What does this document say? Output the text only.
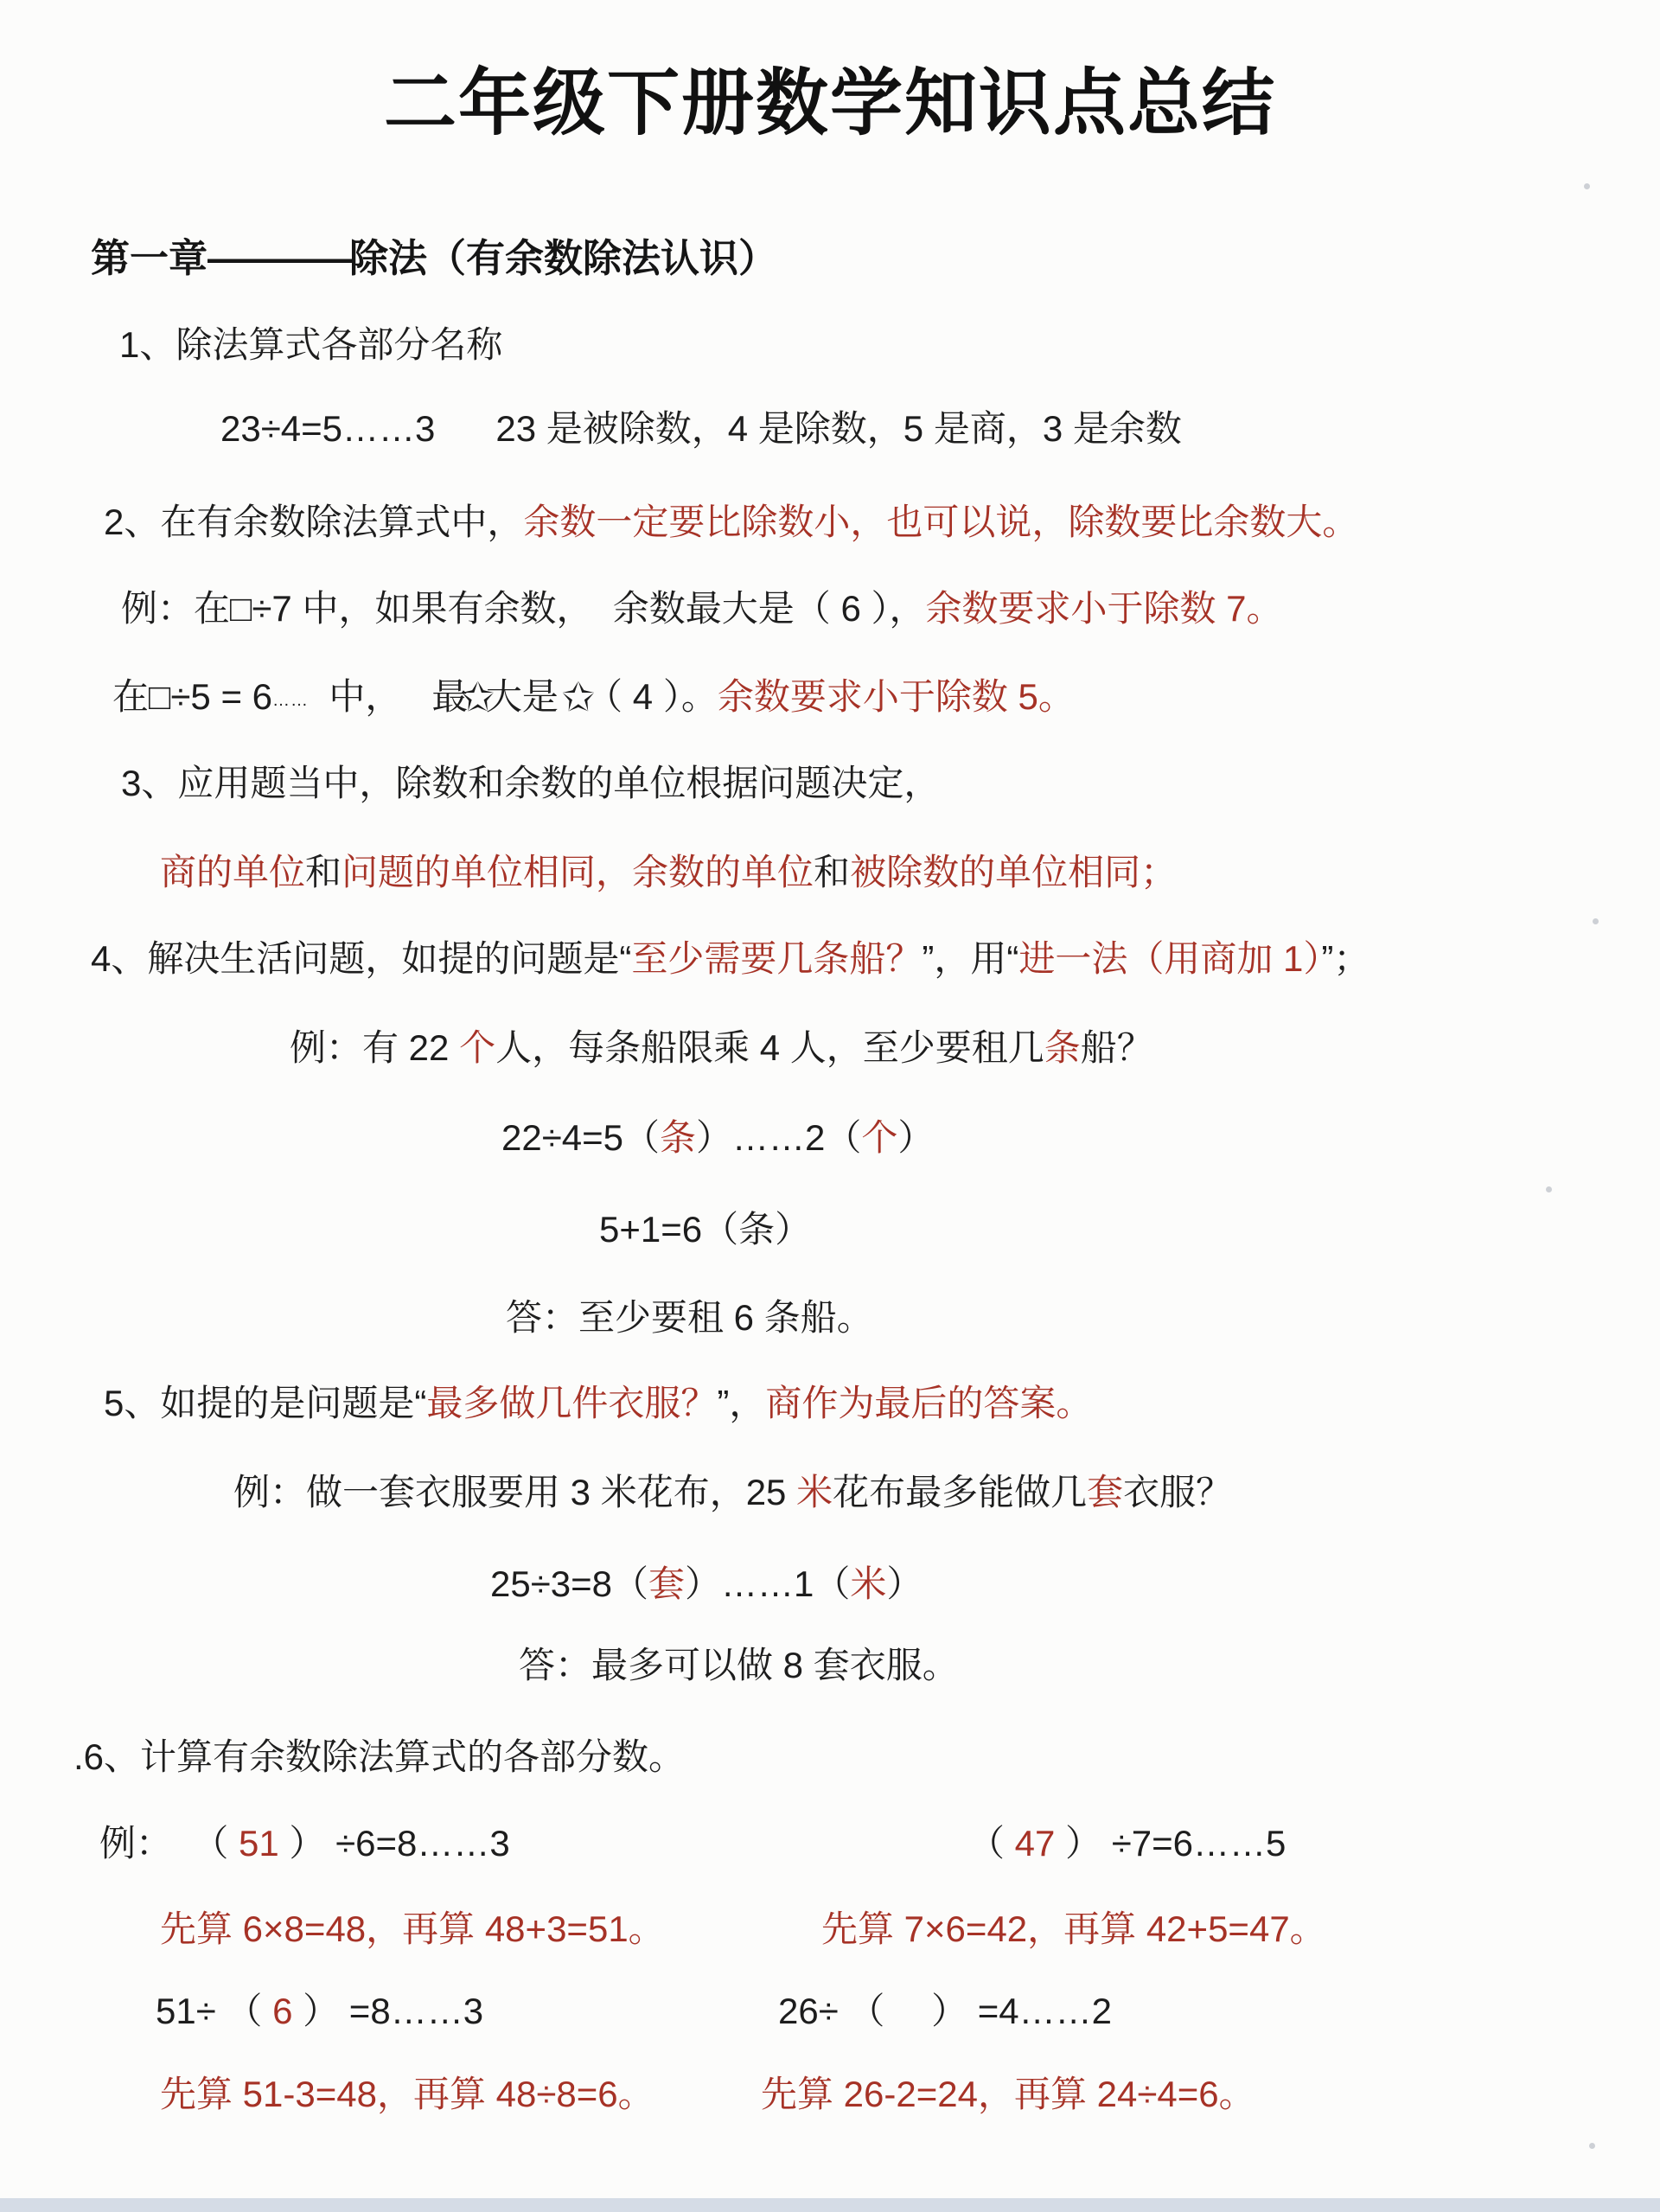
二年级下册数学知识点总结
第一章————除法（有余数除法认识）
1、除法算式各部分名称
23÷4=5……3      23 是被除数，4 是除数，5 是商，3 是余数
2、在有余数除法算式中，余数一定要比除数小，也可以说，除数要比余数大。
例：在□÷7 中，如果有余数，  余数最大是（ 6 ），余数要求小于除数 7。
在□÷5 = 6……  中，   最✩大是 ✩（ 4 ）。余数要求小于除数 5。
3、应用题当中，除数和余数的单位根据问题决定，
商的单位和问题的单位相同，余数的单位和被除数的单位相同；
4、解决生活问题，如提的问题是“至少需要几条船？”，用“进一法（用商加 1）”；
例：有 22 个人，每条船限乘 4 人，至少要租几条船？
22÷4=5（条）……2（个）
5+1=6（条）
答：至少要租 6 条船。
5、如提的是问题是“最多做几件衣服？”，商作为最后的答案。
例：做一套衣服要用 3 米花布，25 米花布最多能做几套衣服？
25÷3=8（套）……1（米）
答：最多可以做 8 套衣服。
.6、计算有余数除法算式的各部分数。
例：  （ 51 ） ÷6=8……3	（ 47 ） ÷7=6……5
先算 6×8=48，再算 48+3=51。	先算 7×6=42，再算 42+5=47。
51÷ （ 6 ） =8……3	26÷ （　 ） =4……2
先算 51-3=48，再算 48÷8=6。	先算 26-2=24，再算 24÷4=6。
